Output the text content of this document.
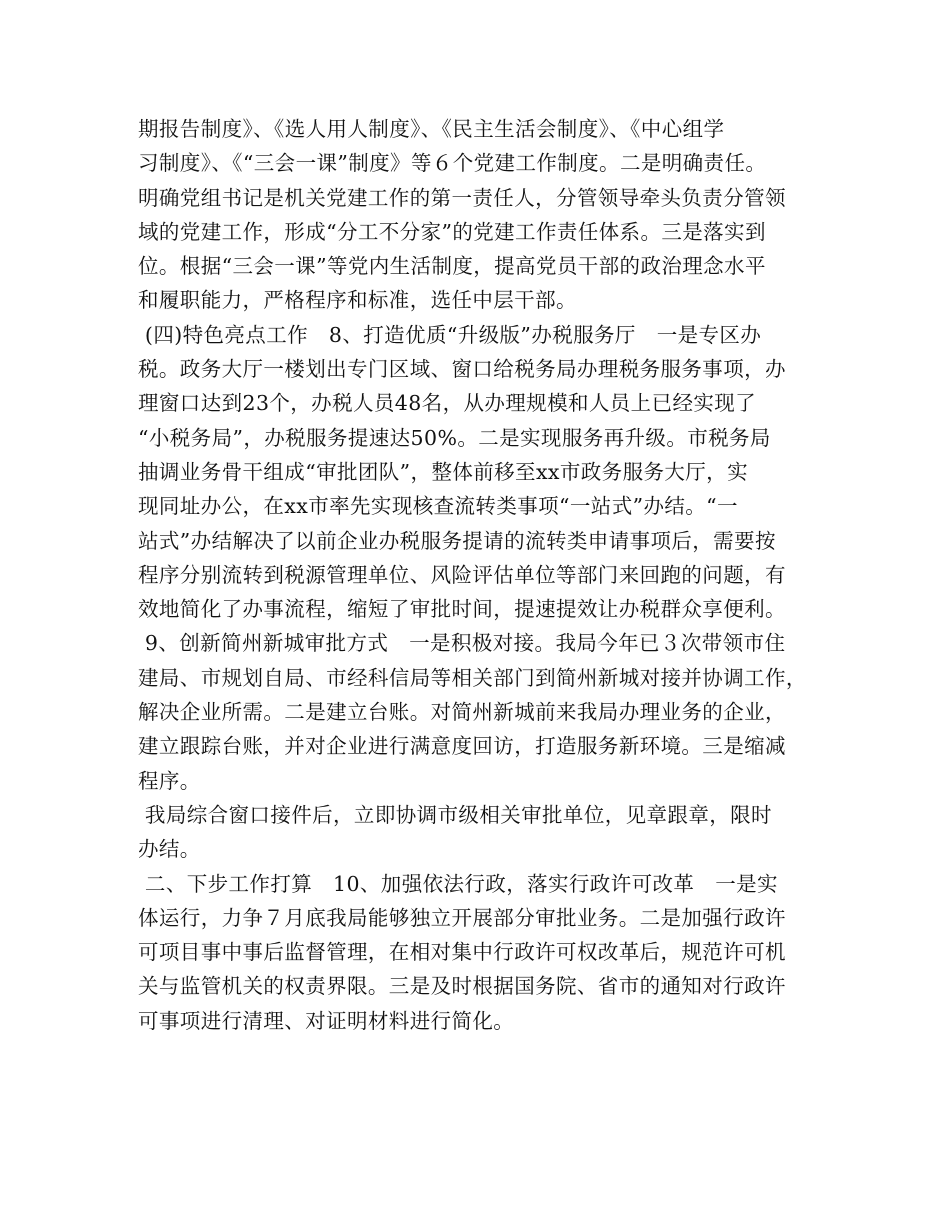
期报告制度》、《选人用人制度》、《民主生活会制度》、《中心组学
习制度》、《“三会一课”制度》等６个党建工作制度。二是明确责任。
明确党组书记是机关党建工作的第一责任人，分管领导牵头负责分管领
域的党建工作，形成“分工不分家”的党建工作责任体系。三是落实到
位。根据“三会一课”等党内生活制度，提高党员干部的政治理念水平
和履职能力，严格程序和标准，选任中层干部。
(四)特色亮点工作　8、打造优质“升级版”办税服务厅　一是专区办
税。政务大厅一楼划出专门区域、窗口给税务局办理税务服务事项，办
理窗口达到23个，办税人员48名，从办理规模和人员上已经实现了
“小税务局”，办税服务提速达50%。二是实现服务再升级。市税务局
抽调业务骨干组成“审批团队”，整体前移至xx市政务服务大厅，实
现同址办公，在xx市率先实现核查流转类事项“一站式”办结。“一
站式”办结解决了以前企业办税服务提请的流转类申请事项后，需要按
程序分别流转到税源管理单位、风险评估单位等部门来回跑的问题，有
效地简化了办事流程，缩短了审批时间，提速提效让办税群众享便利。
9、创新简州新城审批方式　一是积极对接。我局今年已３次带领市住
建局、市规划自局、市经科信局等相关部门到简州新城对接并协调工作，
解决企业所需。二是建立台账。对简州新城前来我局办理业务的企业，
建立跟踪台账，并对企业进行满意度回访，打造服务新环境。三是缩减
程序。
我局综合窗口接件后，立即协调市级相关审批单位，见章跟章，限时
办结。
二、下步工作打算　10、加强依法行政，落实行政许可改革　一是实
体运行，力争７月底我局能够独立开展部分审批业务。二是加强行政许
可项目事中事后监督管理，在相对集中行政许可权改革后，规范许可机
关与监管机关的权责界限。三是及时根据国务院、省市的通知对行政许
可事项进行清理、对证明材料进行简化。
